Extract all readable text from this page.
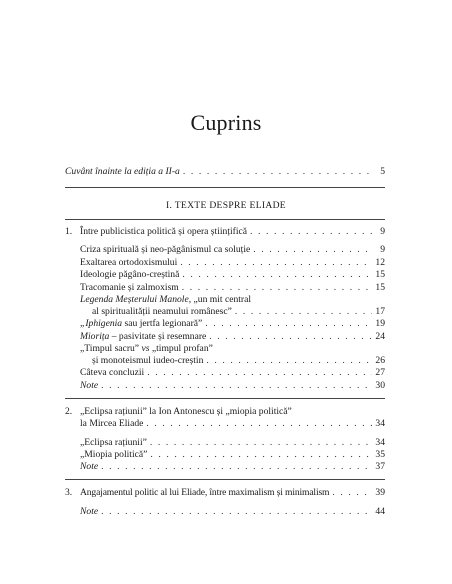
Cuprins
Cuvânt înainte la ediția a II-a . . .	5
I. TEXTE DESPRE ELIADE
1. Între publicistica politică și opera științifică . . .	9
Criza spirituală și neo-păgânismul ca soluție . . .	9
Exaltarea ortodoxismului . . .	12
Ideologie păgâno-creștină . . .	15
Tracomanie și zalmoxism . . .	15
Legenda Meșterului Manole, „un mit central
al spiritualității neamului românesc” . . .	17
„Iphigenia sau jertfa legionară” . . .	19
Miorița – pasivitate și resemnare . . .	24
„Timpul sacru” vs „timpul profan”
și monoteismul iudeo-creștin . . .	26
Câteva concluzii . . .	27
Note . . .	30
2. „Eclipsa rațiunii” la Ion Antonescu și „miopia politică”
la Mircea Eliade . . .	34
„Eclipsa rațiunii” . . .	34
„Miopia politică” . . .	35
Note . . .	37
3. Angajamentul politic al lui Eliade, între maximalism și minimalism . . .	39
Note . . .	44
